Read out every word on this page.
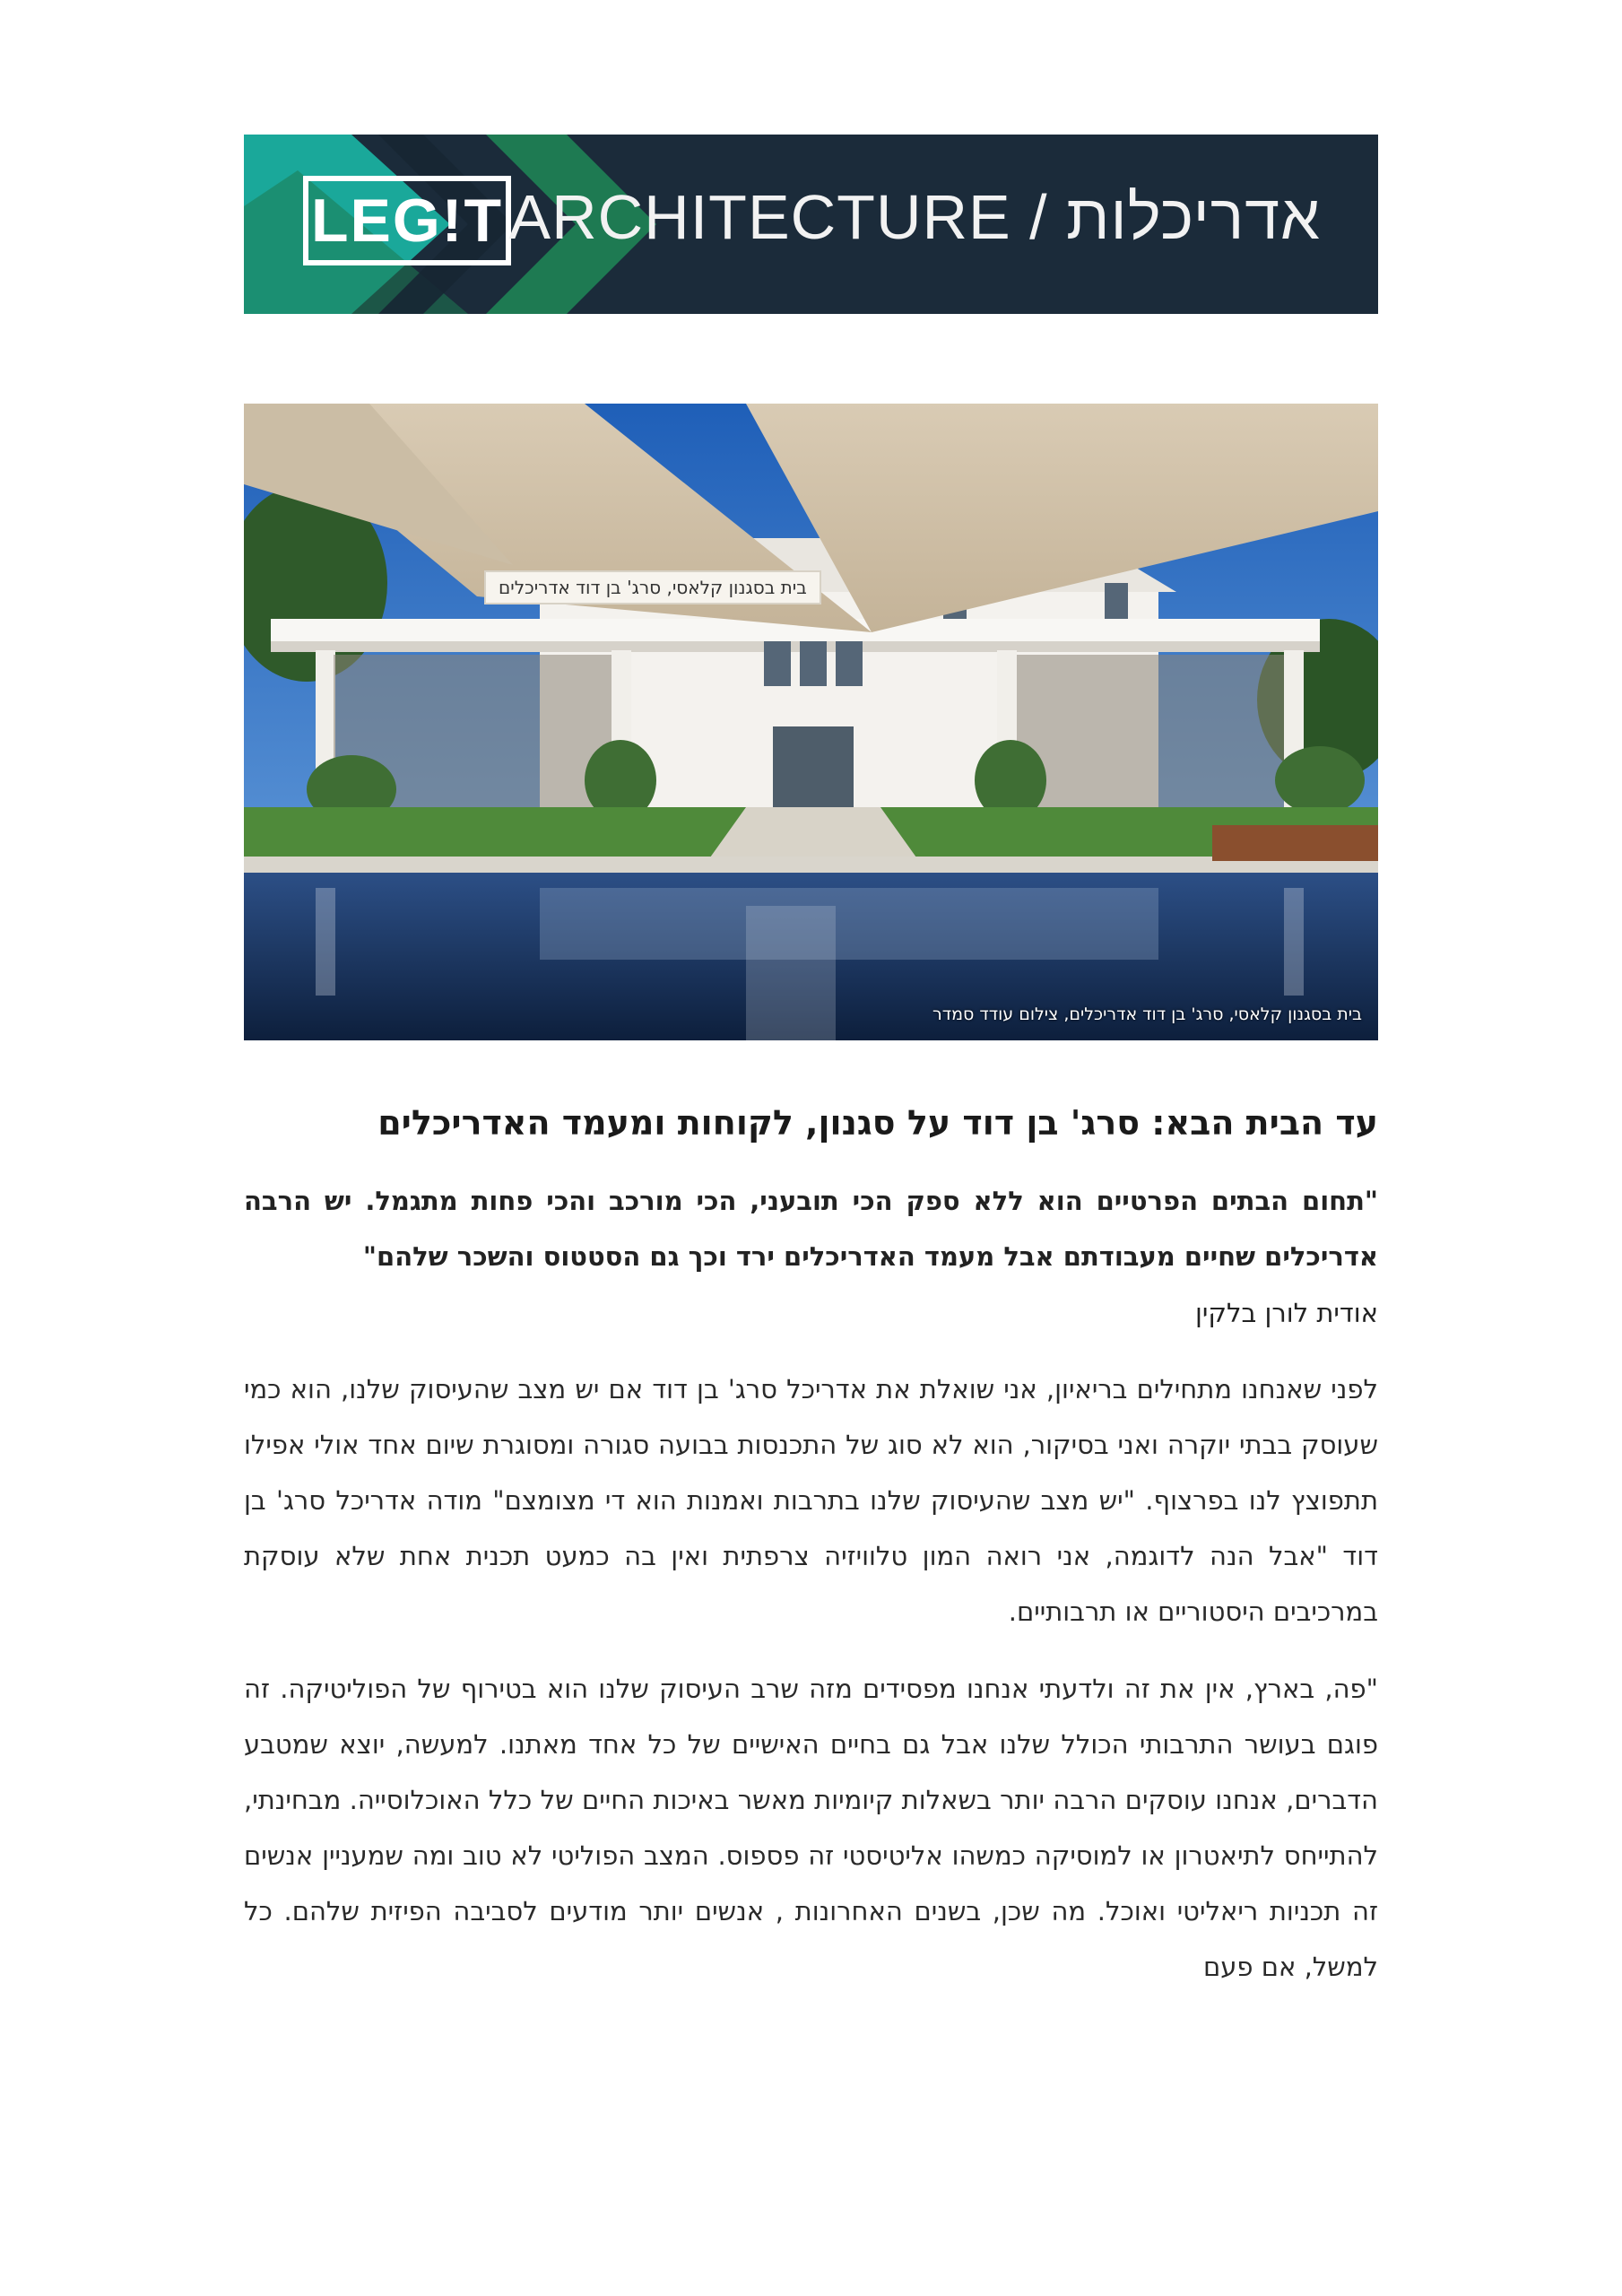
LEG!T ARCHITECTURE / אדריכלות
בית בסגנון קלאסי, סרג' בן דוד אדריכלים
בית בסגנון קלאסי, סרג' בן דוד אדריכלים, צילום עודד סמדר
עד הבית הבא: סרג' בן דוד על סגנון, לקוחות ומעמד האדריכלים

"תחום הבתים הפרטיים הוא ללא ספק הכי תובעני, הכי מורכב והכי פחות מתגמל. יש הרבה אדריכלים שחיים מעבודתם אבל מעמד האדריכלים ירד וכך גם הסטטוס והשכר שלהם"

אודית לורן בלקין

לפני שאנחנו מתחילים בריאיון, אני שואלת את אדריכל סרג' בן דוד אם יש מצב שהעיסוק שלנו, הוא כמי שעוסק בבתי יוקרה ואני בסיקור, הוא לא סוג של התכנסות בבועה סגורה ומסוגרת שיום אחד אולי אפילו תתפוצץ לנו בפרצוף. "יש מצב שהעיסוק שלנו בתרבות ואמנות הוא די מצומצם" מודה אדריכל סרג' בן דוד "אבל הנה לדוגמה, אני רואה המון טלוויזיה צרפתית ואין בה כמעט תכנית אחת שלא עוסקת במרכיבים היסטוריים או תרבותיים.

"פה, בארץ, אין את זה ולדעתי אנחנו מפסידים מזה שרב העיסוק שלנו הוא בטירוף של הפוליטיקה. זה פוגם בעושר התרבותי הכולל שלנו אבל גם בחיים האישיים של כל אחד מאתנו. למעשה, יוצא שמטבע הדברים, אנחנו עוסקים הרבה יותר בשאלות קיומיות מאשר באיכות החיים של כלל האוכלוסייה. מבחינתי, להתייחס לתיאטרון או למוסיקה כמשהו אליטיסטי זה פספוס. המצב הפוליטי לא טוב ומה שמעניין אנשים זה תכניות ריאליטי ואוכל. מה שכן, בשנים האחרונות , אנשים יותר מודעים לסביבה הפיזית שלהם. כל למשל, אם פעם
